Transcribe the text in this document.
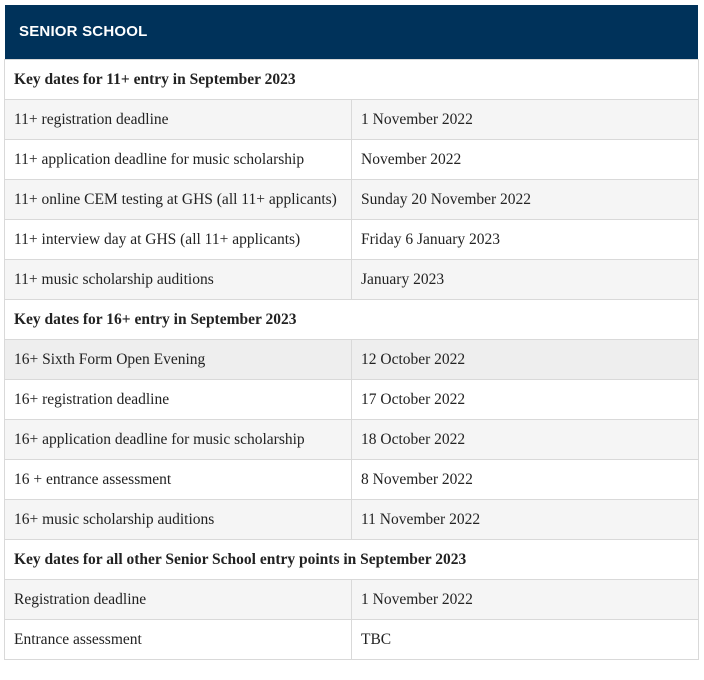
SENIOR SCHOOL
Key dates for 11+ entry in September 2023	
11+ registration deadline	1 November 2022
11+ application deadline for music scholarship	November 2022
11+ online CEM testing at GHS (all 11+ applicants)	Sunday 20 November 2022
11+ interview day at GHS (all 11+ applicants)	Friday 6 January 2023
11+ music scholarship auditions	January 2023
Key dates for 16+ entry in September 2023	
16+ Sixth Form Open Evening	12 October 2022
16+ registration deadline	17 October 2022
16+ application deadline for music scholarship	18 October 2022
16 + entrance assessment	8 November 2022
16+ music scholarship auditions	11 November 2022
Key dates for all other Senior School entry points in September 2023	
Registration deadline	1 November 2022
Entrance assessment	TBC
